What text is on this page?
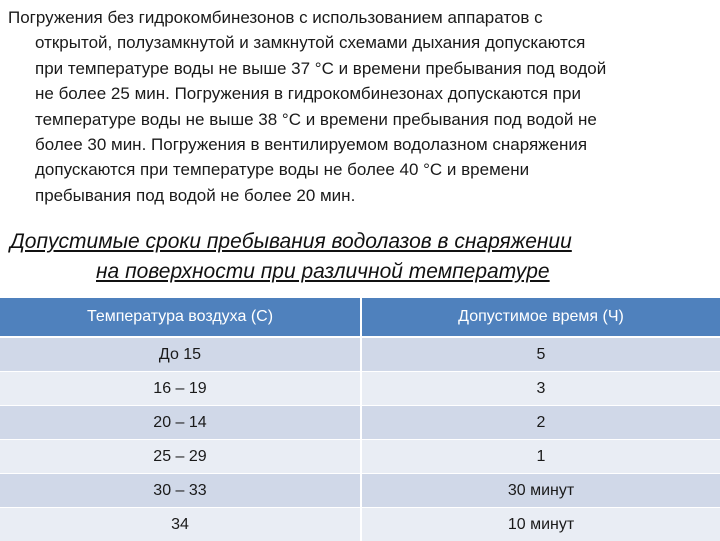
Погружения без гидрокомбинезонов с использованием аппаратов с
открытой, полузамкнутой и замкнутой схемами дыхания допускаются
при температуре воды не выше 37 °С и времени пребывания под водой
не более 25 мин. Погружения в гидрокомбинезонах допускаются при
температуре воды не выше 38 °С и времени пребывания под водой не
более 30 мин. Погружения в вентилируемом водолазном снаряжения
допускаются при температуре воды не более 40 °С и времени
пребывания под водой не более 20 мин.
Допустимые сроки пребывания водолазов в снаряжении
на поверхности при различной температуре
Температура воздуха (С)	Допустимое время (Ч)
До 15	5
16 – 19	3
20 – 14	2
25 – 29	1
30 – 33	30 минут
34	10 минут
